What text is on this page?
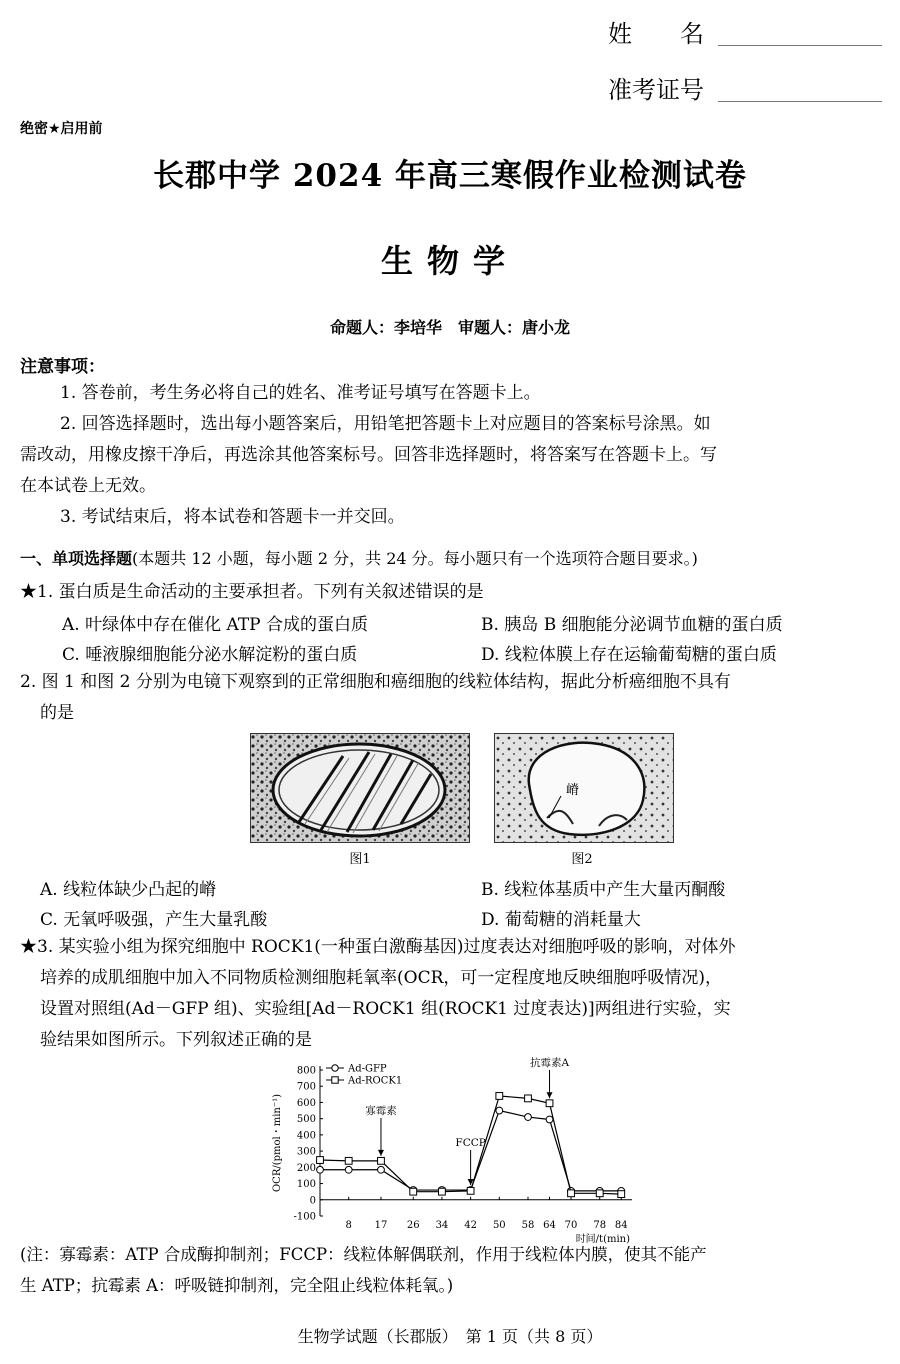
姓　　名
准考证号
绝密★启用前
长郡中学 2024 年高三寒假作业检测试卷
生物学
命题人：李培华　审题人：唐小龙
注意事项：
1. 答卷前，考生务必将自己的姓名、准考证号填写在答题卡上。
2. 回答选择题时，选出每小题答案后，用铅笔把答题卡上对应题目的答案标号涂黑。如
需改动，用橡皮擦干净后，再选涂其他答案标号。回答非选择题时，将答案写在答题卡上。写
在本试卷上无效。
3. 考试结束后，将本试卷和答题卡一并交回。
一、单项选择题(本题共 12 小题，每小题 2 分，共 24 分。每小题只有一个选项符合题目要求。)
★1. 蛋白质是生命活动的主要承担者。下列有关叙述错误的是
A. 叶绿体中存在催化 ATP 合成的蛋白质	B. 胰岛 B 细胞能分泌调节血糖的蛋白质
C. 唾液腺细胞能分泌水解淀粉的蛋白质	D. 线粒体膜上存在运输葡萄糖的蛋白质
2. 图 1 和图 2 分别为电镜下观察到的正常细胞和癌细胞的线粒体结构，据此分析癌细胞不具有
的是
图1
嵴
图2
A. 线粒体缺少凸起的嵴	B. 线粒体基质中产生大量丙酮酸
C. 无氧呼吸强，产生大量乳酸	D. 葡萄糖的消耗量大
★3. 某实验小组为探究细胞中 ROCK1(一种蛋白激酶基因)过度表达对细胞呼吸的影响，对体外
培养的成肌细胞中加入不同物质检测细胞耗氧率(OCR，可一定程度地反映细胞呼吸情况)，
设置对照组(Ad－GFP 组)、实验组[Ad－ROCK1 组(ROCK1 过度表达)]两组进行实验，实
验结果如图所示。下列叙述正确的是
-100
0
100
200
300
400
500
600
700
800
8 17 26 34 42 50 58 64 70 78 84
时间/t(min)
OCR/(pmol・min⁻¹)
Ad-GFP
Ad-ROCK1
寡霉素
FCCP
抗霉素A
(注：寡霉素：ATP 合成酶抑制剂；FCCP：线粒体解偶联剂，作用于线粒体内膜，使其不能产
生 ATP；抗霉素 A：呼吸链抑制剂，完全阻止线粒体耗氧。)
生物学试题（长郡版）　第 1 页（共 8 页）
